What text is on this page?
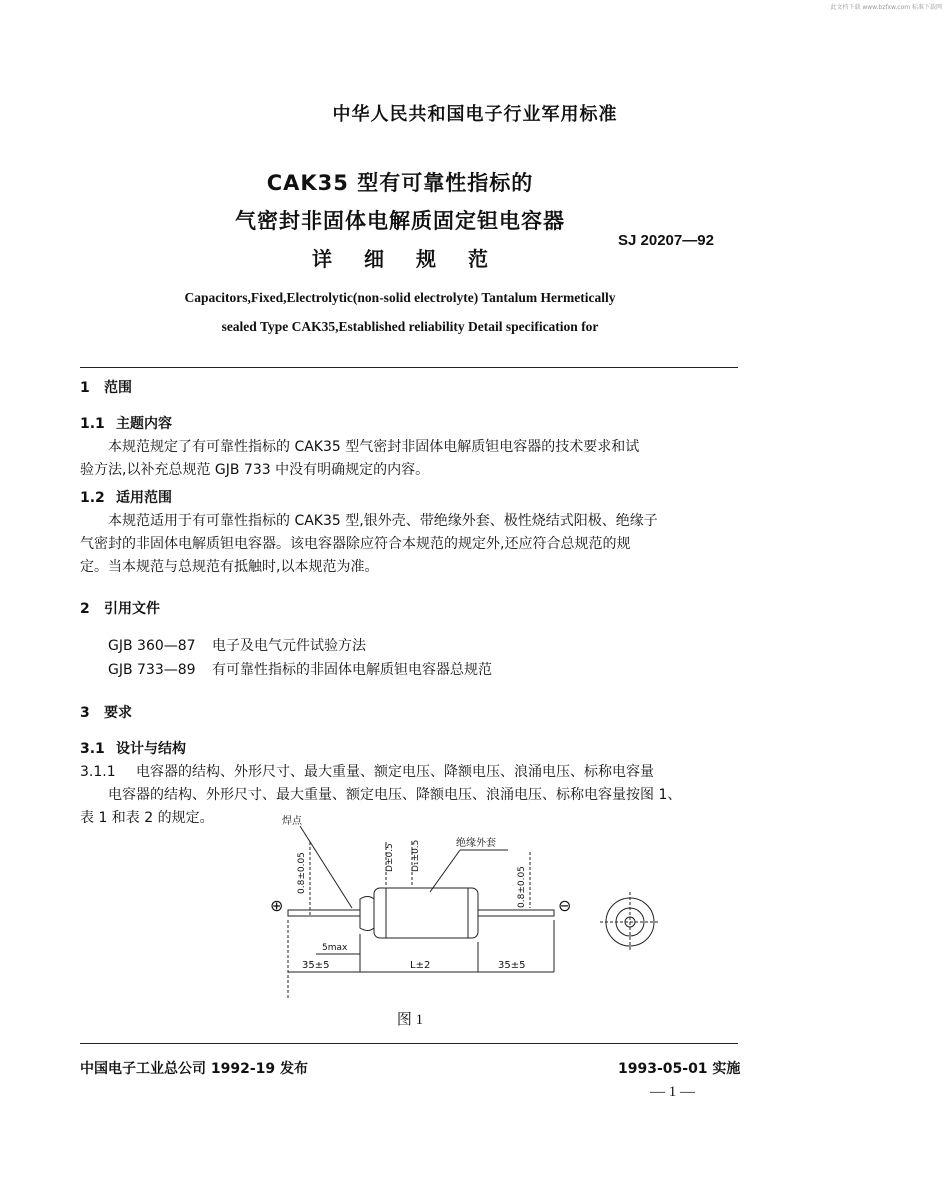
此文档下载 www.bzfxw.com 标准下载网
中华人民共和国电子行业军用标准
CAK35 型有可靠性指标的
气密封非固体电解质固定钽电容器
详 细 规 范
SJ 20207—92
Capacitors,Fixed,Electrolytic(non-solid electrolyte) Tantalum Hermetically
sealed Type CAK35,Established reliability Detail specification for
1 范围
1.1 主题内容
本规范规定了有可靠性指标的 CAK35 型气密封非固体电解质钽电容器的技术要求和试
验方法,以补充总规范 GJB 733 中没有明确规定的内容。
1.2 适用范围
本规范适用于有可靠性指标的 CAK35 型,银外壳、带绝缘外套、极性烧结式阳极、绝缘子
气密封的非固体电解质钽电容器。该电容器除应符合本规范的规定外,还应符合总规范的规
定。当本规范与总规范有抵触时,以本规范为准。
2 引用文件
GJB 360—87 电子及电气元件试验方法
GJB 733—89 有可靠性指标的非固体电解质钽电容器总规范
3 要求
3.1 设计与结构
3.1.1 电容器的结构、外形尺寸、最大重量、额定电压、降额电压、浪涌电压、标称电容量
电容器的结构、外形尺寸、最大重量、额定电压、降额电压、浪涌电压、标称电容量按图 1、
表 1 和表 2 的规定。	焊点
绝缘外套
⊕	⊖
0.8±0.05	D±0.5 D₁±0.5
0.8±0.05
5max
35±5	L±2	35±5
图 1
中国电子工业总公司 1992-19 发布	1993-05-01 实施
— 1 —
